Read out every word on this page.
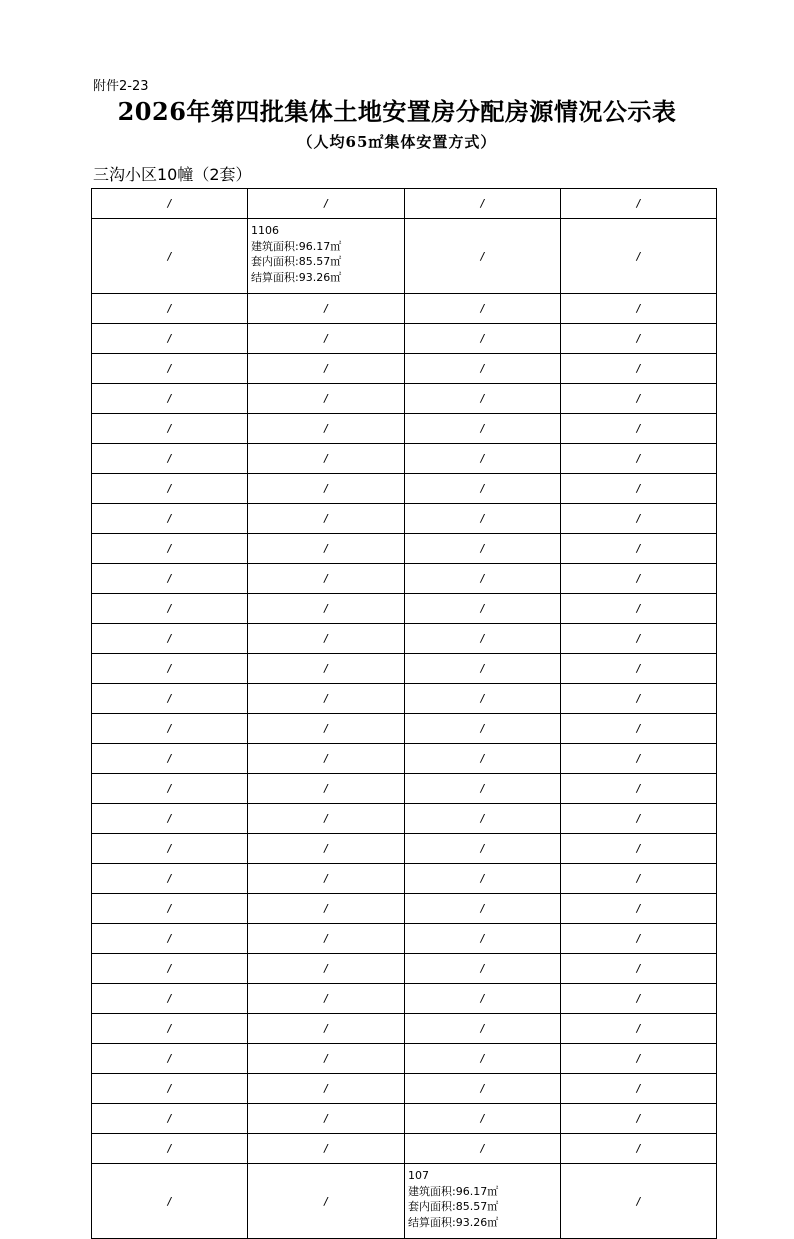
附件2-23
2026年第四批集体土地安置房分配房源情况公示表
（人均65㎡集体安置方式）
三沟小区10幢（2套）
/	/	/	/
/	1106
建筑面积:96.17㎡
套内面积:85.57㎡
结算面积:93.26㎡	/	/
/	/	/	/
/	/	/	/
/	/	/	/
/	/	/	/
/	/	/	/
/	/	/	/
/	/	/	/
/	/	/	/
/	/	/	/
/	/	/	/
/	/	/	/
/	/	/	/
/	/	/	/
/	/	/	/
/	/	/	/
/	/	/	/
/	/	/	/
/	/	/	/
/	/	/	/
/	/	/	/
/	/	/	/
/	/	/	/
/	/	/	/
/	/	/	/
/	/	/	/
/	/	/	/
/	/	/	/
/	/	/	/
/	/	/	/
/	/	107
建筑面积:96.17㎡
套内面积:85.57㎡
结算面积:93.26㎡	/
